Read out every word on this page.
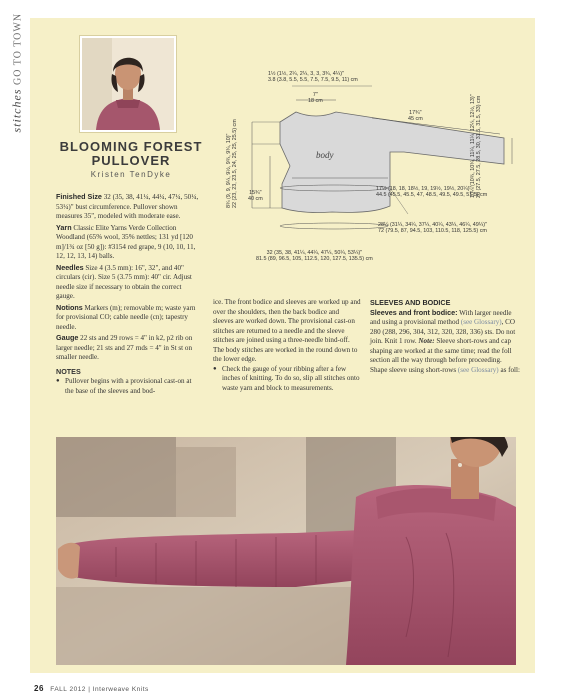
stitches GO TO TOWN
BLOOMING FOREST PULLOVER
Kristen TenDyke

Finished Size 32 (35, 38, 41¼, 44¼, 47¼, 50¼, 53¼)" bust circumference. Pullover shown measures 35", modeled with moderate ease.

Yarn Classic Elite Yarns Verde Collection Woodland (65% wool, 35% nettles; 131 yd [120 m]/1¾ oz [50 g]): #3154 red grape, 9 (10, 10, 11, 12, 12, 13, 14) balls.

Needles Size 4 (3.5 mm): 16", 32", and 40" circulars (cir). Size 5 (3.75 mm): 40" cir. Adjust needle size if necessary to obtain the correct gauge.

Notions Markers (m); removable m; waste yarn for provisional CO; cable needle (cn); tapestry needle.

Gauge 22 sts and 29 rows = 4" in k2, p2 rib on larger needle; 21 sts and 27 rnds = 4" in St st on smaller needle.

NOTES

● Pullover begins with a provisional cast-on at the base of the sleeves and bod-

ice. The front bodice and sleeves are worked up and over the shoulders, then the back bodice and sleeves are worked down. The provisional cast-on stitches are returned to a needle and the sleeve stitches are joined using a three-needle bind-off. The body stitches are worked in the round down to the lower edge.

● Check the gauge of your ribbing after a few inches of knitting. To do so, slip all stitches onto waste yarn and block to measurements.

SLEEVES AND BODICE

Sleeves and front bodice: With larger needle and using a provisional method (see Glossary), CO 280 (288, 296, 304, 312, 320, 328, 336) sts. Do not join. Knit 1 row. Note: Sleeve short-rows and cap shaping are worked at the same time; read the foll section all the way through before proceeding. Shape sleeve using short-rows (see Glossary) as foll:

body
1½ (1½, 2¼, 2¼, 3, 3, 3¾, 4¼)"
3.8 (3.8, 5.5, 5.5, 7.5, 7.5, 9.5, 11) cm
7"
18 cm
17¾"
45 cm
8¾ (9, 9, 9¼, 9½, 9¾, 9¾, 10)"
22 (23, 23, 23.5, 24, 25, 25, 25.5) cm	10¼ (10¾, 10¾, 11¼, 11¼, 12¼, 12½, 13)"
26 (27.5, 27.5, 28.5, 30, 31.5, 31.5, 33) cm
15¾"
40 cm
17½ (18, 18, 18½, 19, 19½, 19½, 20¼)"
44.5 (45.5, 45.5, 47, 48.5, 49.5, 49.5, 51.5) cm
28¼ (31¼, 34¼, 37¼, 40¼, 43¼, 46¼, 49¼)"
72 (79.5, 87, 94.5, 103, 110.5, 118, 125.5) cm
32 (35, 38, 41¼, 44¼, 47¼, 50¼, 53¼)"
81.5 (89, 96.5, 105, 112.5, 120, 127.5, 135.5) cm
26 FALL 2012 | Interweave Knits
